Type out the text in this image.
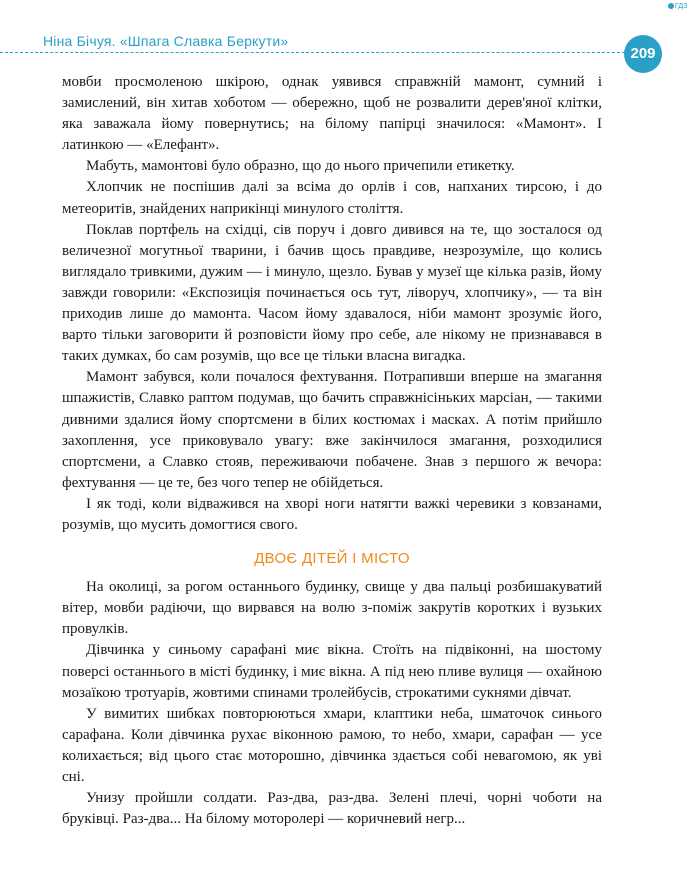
ГДЗ
Ніна Бічуя. «Шпага Славка Беркути»
209

мовби просмоленою шкірою, однак уявився справжній мамонт, сумний і замислений, він хитав хоботом — обережно, щоб не розвалити дерев'яної клітки, яка заважала йому повернутись; на білому папірці значилося: «Мамонт». І латинкою — «Елефант».

Мабуть, мамонтові було образно, що до нього причепили етикетку.

Хлопчик не поспішив далі за всіма до орлів і сов, напханих тирсою, і до метеоритів, знайдених наприкінці минулого століття.

Поклав портфель на східці, сів поруч і довго дивився на те, що зосталося од величезної могутньої тварини, і бачив щось правдиве, незрозуміле, що колись виглядало тривкими, дужим — і минуло, щезло. Бував у музеї ще кілька разів, йому завжди говорили: «Експозиція починається ось тут, ліворуч, хлопчику», — та він приходив лише до мамонта. Часом йому здавалося, ніби мамонт зрозуміє його, варто тільки заговорити й розповісти йому про себе, але нікому не признавався в таких думках, бо сам розумів, що все це тільки власна вигадка.

Мамонт забувся, коли почалося фехтування. Потрапивши вперше на змагання шпажистів, Славко раптом подумав, що бачить справжнісіньких марсіан, — такими дивними здалися йому спортсмени в білих костюмах і масках. А потім прийшло захоплення, усе приковувало увагу: вже закінчилося змагання, розходилися спортсмени, а Славко стояв, переживаючи побачене. Знав з першого ж вечора: фехтування — це те, без чого тепер не обійдеться.

І як тоді, коли відважився на хворі ноги натягти важкі черевики з ковзанами, розумів, що мусить домогтися свого.

ДВОЄ ДІТЕЙ І МІСТО

На околиці, за рогом останнього будинку, свище у два пальці розбишакуватий вітер, мовби радіючи, що вирвався на волю з-поміж закрутів коротких і вузьких провулків.

Дівчинка у синьому сарафані миє вікна. Стоїть на підвіконні, на шостому поверсі останнього в місті будинку, і миє вікна. А під нею пливе вулиця — охайною мозаїкою тротуарів, жовтими спинами тролейбусів, строкатими сукнями дівчат.

У вимитих шибках повторюються хмари, клаптики неба, шматочок синього сарафана. Коли дівчинка рухає віконною рамою, то небо, хмари, сарафан — усе колихається; від цього стає моторошно, дівчинка здається собі невагомою, як уві сні.

Унизу пройшли солдати. Раз-два, раз-два. Зелені плечі, чорні чоботи на бруківці. Раз-два... На білому моторолері — коричневий негр...
